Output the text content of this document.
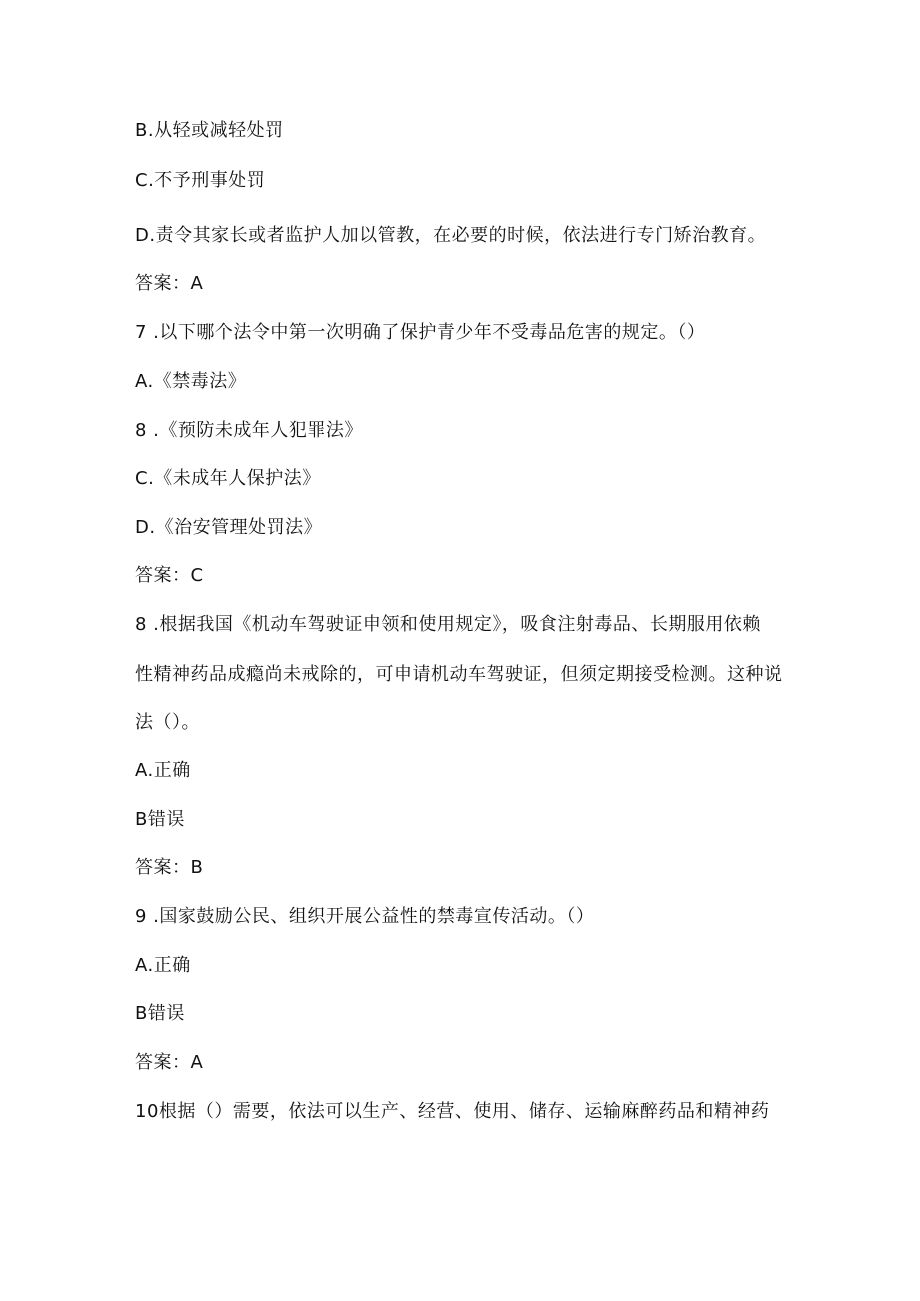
B.从轻或减轻处罚
C.不予刑事处罚
D.责令其家长或者监护人加以管教，在必要的时候，依法进行专门矫治教育。
答案：A
7 .以下哪个法令中第一次明确了保护青少年不受毒品危害的规定。（）
A.《禁毒法》
8 .《预防未成年人犯罪法》
C.《未成年人保护法》
D.《治安管理处罚法》
答案：C
8 .根据我国《机动车驾驶证申领和使用规定》，吸食注射毒品、长期服用依赖
性精神药品成瘾尚未戒除的，可申请机动车驾驶证，但须定期接受检测。这种说
法（）。
A.正确
B错误
答案：B
9 .国家鼓励公民、组织开展公益性的禁毒宣传活动。（）
A.正确
B错误
答案：A
10根据（）需要，依法可以生产、经营、使用、储存、运输麻醉药品和精神药
